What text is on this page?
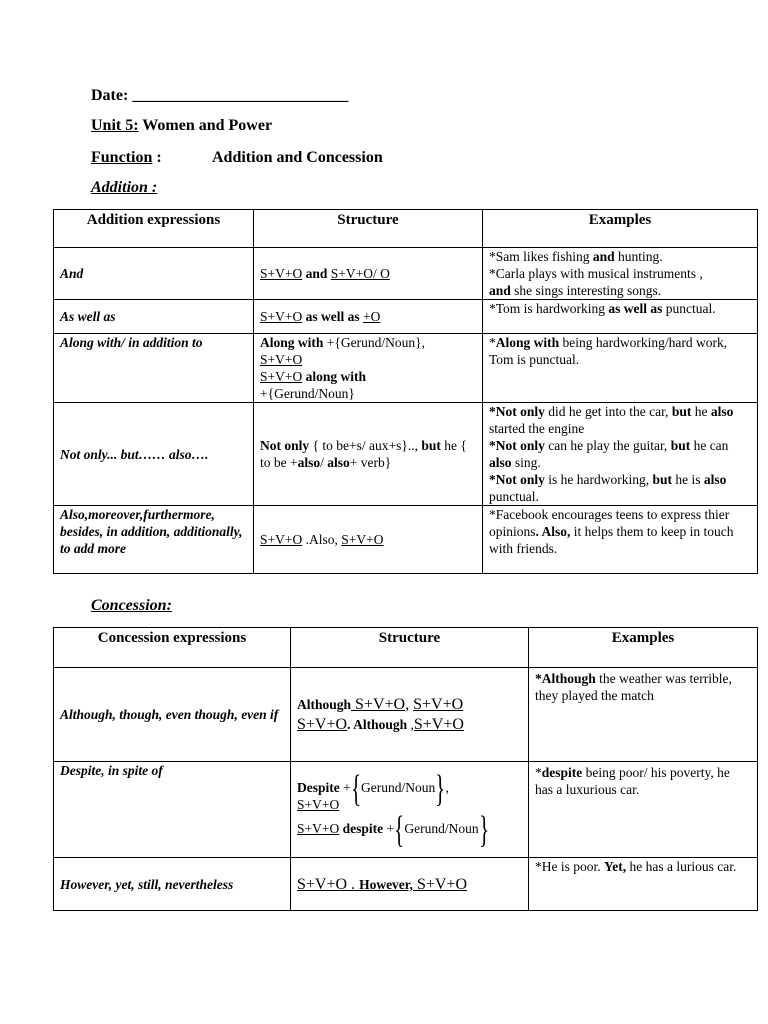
Date: ___________________________
Unit 5: Women and Power
Function :	Addition and Concession
Addition :
Addition expressions	Structure	Examples
And	S+V+O and S+V+O/ O	*Sam likes fishing and hunting.
*Carla plays with musical instruments ,
and she sings interesting songs.
As well as	S+V+O as well as +O	*Tom is hardworking as well as punctual.
Along with/ in addition to	Along with +{Gerund/Noun},
S+V+O
S+V+O along with
+{Gerund/Noun}	*Along with being hardworking/hard work, Tom is punctual.
Not only... but…… also….	Not only { to be+s/ aux+s}.., but he { to be +also/ also+ verb}	*Not only did he get into the car, but he also started the engine
*Not only can he play the guitar, but he can also sing.
*Not only is he hardworking, but he is also punctual.
Also,moreover,furthermore, besides, in addition, additionally, to add more	S+V+O .Also, S+V+O	*Facebook encourages teens to express thier opinions. Also, it helps them to keep in touch with friends.
Concession:
Concession expressions	Structure	Examples
Although, though, even though, even if	Although S+V+O, S+V+O
S+V+O. Although ,S+V+O	*Although the weather was terrible, they played the match
Despite, in spite of	Despite +{Gerund/Noun},
S+V+O
S+V+O despite +{Gerund/Noun}	*despite being poor/ his poverty, he has a luxurious car.
However, yet, still, nevertheless	S+V+O . However, S+V+O	*He is poor. Yet, he has a lurious car.
